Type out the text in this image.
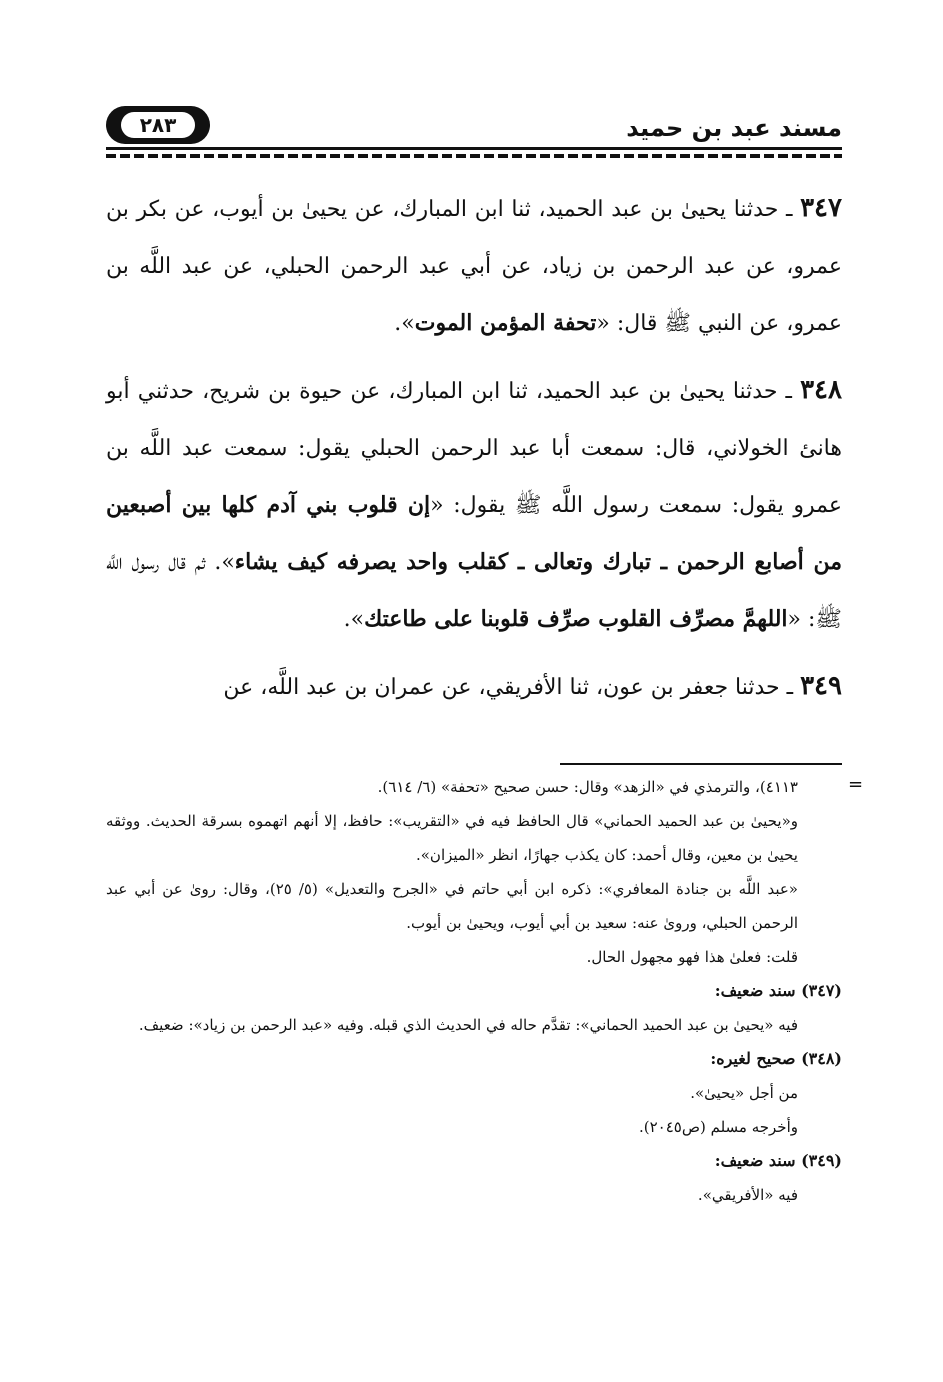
مسند عبد بن حميد
٢٨٣

٣٤٧ ـ حدثنا يحيىٰ بن عبد الحميد، ثنا ابن المبارك، عن يحيىٰ بن أيوب، عن بكر بن عمرو، عن عبد الرحمن بن زياد، عن أبي عبد الرحمن الحبلي، عن عبد اللَّه بن عمرو، عن النبي ﷺ قال: «تحفة المؤمن الموت».

٣٤٨ ـ حدثنا يحيىٰ بن عبد الحميد، ثنا ابن المبارك، عن حيوة بن شريح، حدثني أبو هانئ الخولاني، قال: سمعت أبا عبد الرحمن الحبلي يقول: سمعت عبد اللَّه بن عمرو يقول: سمعت رسول اللَّه ﷺ يقول: «إن قلوب بني آدم كلها بين أصبعين من أصابع الرحمن ـ تبارك وتعالى ـ كقلب واحد يصرفه كيف يشاء». ثم قال رسول اللَّه ﷺ: «اللهمَّ مصرِّف القلوب صرِّف قلوبنا على طاعتك».

٣٤٩ ـ حدثنا جعفر بن عون، ثنا الأفريقي، عن عمران بن عبد اللَّه، عن

=

٤١١٣)، والترمذي في «الزهد» وقال: حسن صحيح «تحفة» (٦/ ٦١٤).

و«يحيىٰ بن عبد الحميد الحماني» قال الحافظ فيه في «التقريب»: حافظ، إلا أنهم اتهموه بسرقة الحديث. ووثقه يحيىٰ بن معين، وقال أحمد: كان يكذب جهارًا، انظر «الميزان».

«عبد اللَّه بن جنادة المعافري»: ذكره ابن أبي حاتم في «الجرح والتعديل» (٥/ ٢٥)، وقال: روىٰ عن أبي عبد الرحمن الحبلي، وروىٰ عنه: سعيد بن أبي أيوب، ويحيىٰ بن أيوب.

قلت: فعلىٰ هذا فهو مجهول الحال.

(٣٤٧) سند ضعيف:

فيه «يحيىٰ بن عبد الحميد الحماني»: تقدَّم حاله في الحديث الذي قبله. وفيه «عبد الرحمن بن زياد»: ضعيف.

(٣٤٨) صحيح لغيره:

من أجل «يحيىٰ».

وأخرجه مسلم (ص٢٠٤٥).

(٣٤٩) سند ضعيف:

فيه «الأفريقي».
